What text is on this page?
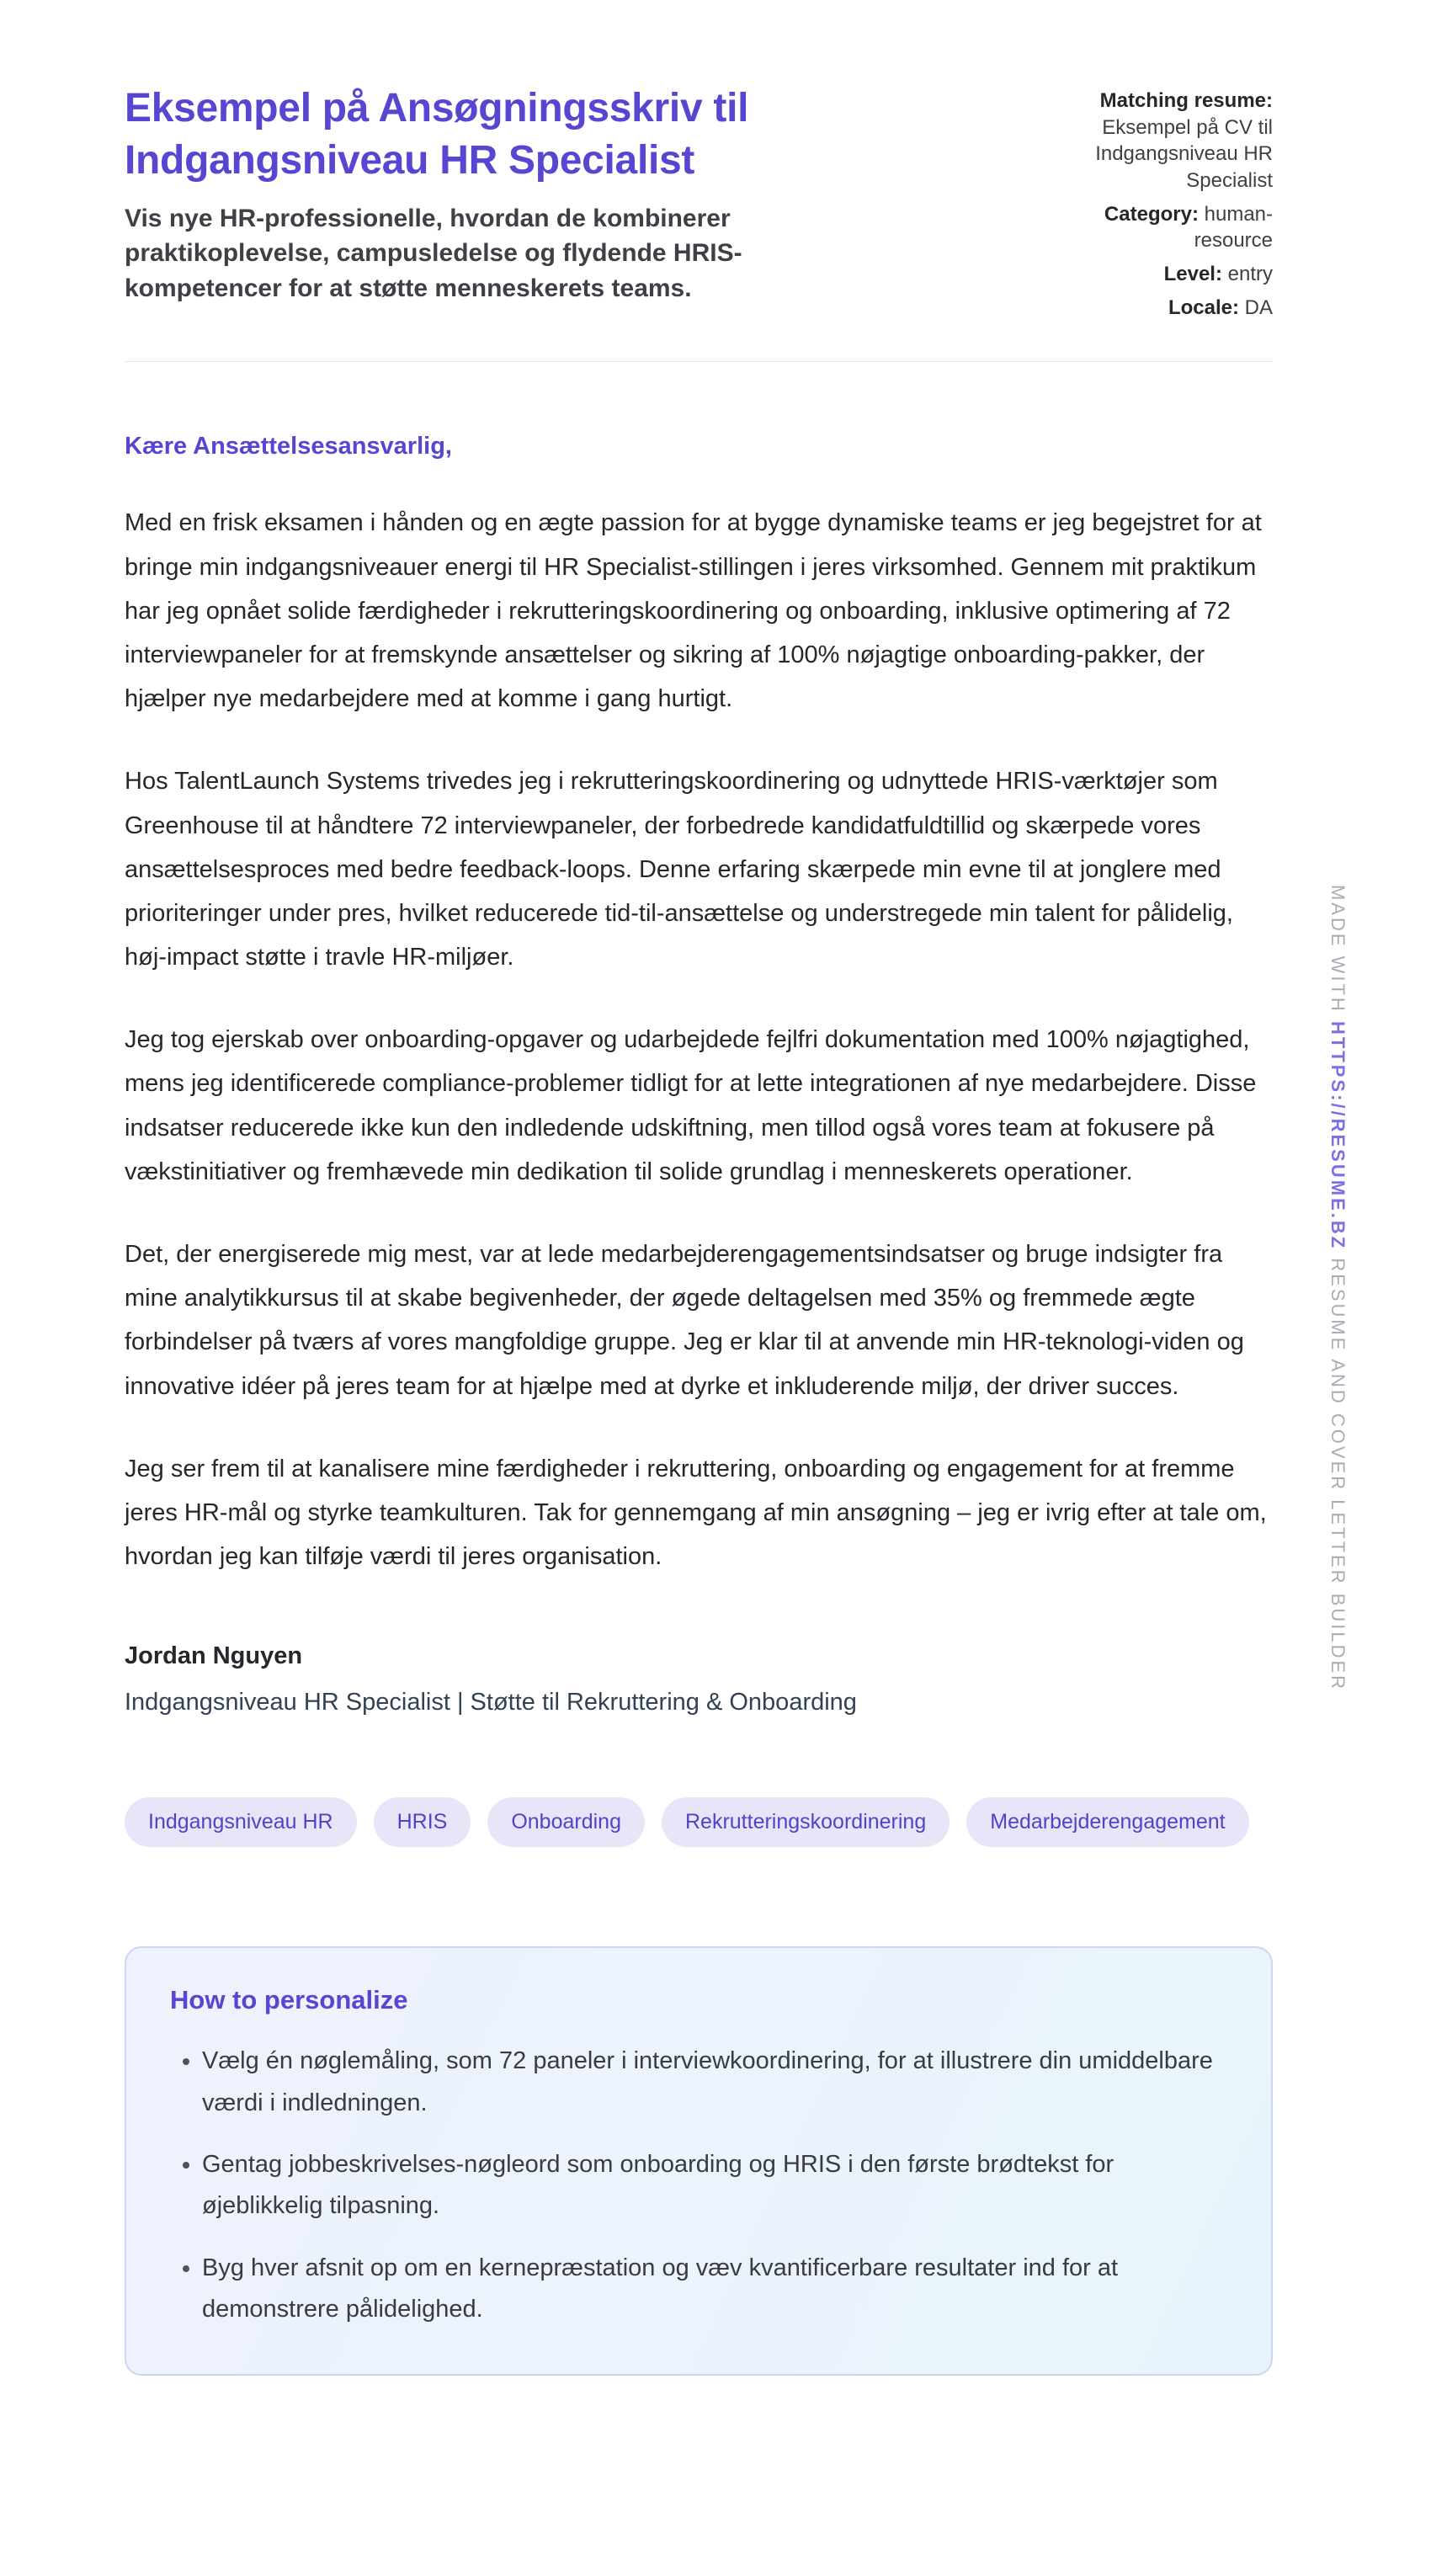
Eksempel på Ansøgningsskriv til Indgangsniveau HR Specialist

Vis nye HR-professionelle, hvordan de kombinerer praktikoplevelse, campusledelse og flydende HRIS-kompetencer for at støtte menneskerets teams.

Matching resume: Eksempel på CV til Indgangsniveau HR Specialist
Category: human-resource
Level: entry
Locale: DA

Kære Ansættelsesansvarlig,

Med en frisk eksamen i hånden og en ægte passion for at bygge dynamiske teams er jeg begejstret for at bringe min indgangsniveauer energi til HR Specialist-stillingen i jeres virksomhed. Gennem mit praktikum har jeg opnået solide færdigheder i rekrutteringskoordinering og onboarding, inklusive optimering af 72 interviewpaneler for at fremskynde ansættelser og sikring af 100% nøjagtige onboarding-pakker, der hjælper nye medarbejdere med at komme i gang hurtigt.

Hos TalentLaunch Systems trivedes jeg i rekrutteringskoordinering og udnyttede HRIS-værktøjer som Greenhouse til at håndtere 72 interviewpaneler, der forbedrede kandidatfuldtillid og skærpede vores ansættelsesproces med bedre feedback-loops. Denne erfaring skærpede min evne til at jonglere med prioriteringer under pres, hvilket reducerede tid-til-ansættelse og understregede min talent for pålidelig, høj-impact støtte i travle HR-miljøer.

Jeg tog ejerskab over onboarding-opgaver og udarbejdede fejlfri dokumentation med 100% nøjagtighed, mens jeg identificerede compliance-problemer tidligt for at lette integrationen af nye medarbejdere. Disse indsatser reducerede ikke kun den indledende udskiftning, men tillod også vores team at fokusere på vækstinitiativer og fremhævede min dedikation til solide grundlag i menneskerets operationer.

Det, der energiserede mig mest, var at lede medarbejderengagementsindsatser og bruge indsigter fra mine analytikkursus til at skabe begivenheder, der øgede deltagelsen med 35% og fremmede ægte forbindelser på tværs af vores mangfoldige gruppe. Jeg er klar til at anvende min HR-teknologi-viden og innovative idéer på jeres team for at hjælpe med at dyrke et inkluderende miljø, der driver succes.

Jeg ser frem til at kanalisere mine færdigheder i rekruttering, onboarding og engagement for at fremme jeres HR-mål og styrke teamkulturen. Tak for gennemgang af min ansøgning – jeg er ivrig efter at tale om, hvordan jeg kan tilføje værdi til jeres organisation.

Jordan Nguyen

Indgangsniveau HR Specialist | Støtte til Rekruttering & Onboarding

Indgangsniveau HR	HRIS	Onboarding	Rekrutteringskoordinering	Medarbejderengagement
How to personalize
• Vælg én nøglemåling, som 72 paneler i interviewkoordinering, for at illustrere din umiddelbare værdi i indledningen.
• Gentag jobbeskrivelses-nøgleord som onboarding og HRIS i den første brødtekst for øjeblikkelig tilpasning.
• Byg hver afsnit op om en kernepræstation og væv kvantificerbare resultater ind for at demonstrere pålidelighed.
MADE WITH HTTPS://RESUME.BZ RESUME AND COVER LETTER BUILDER
